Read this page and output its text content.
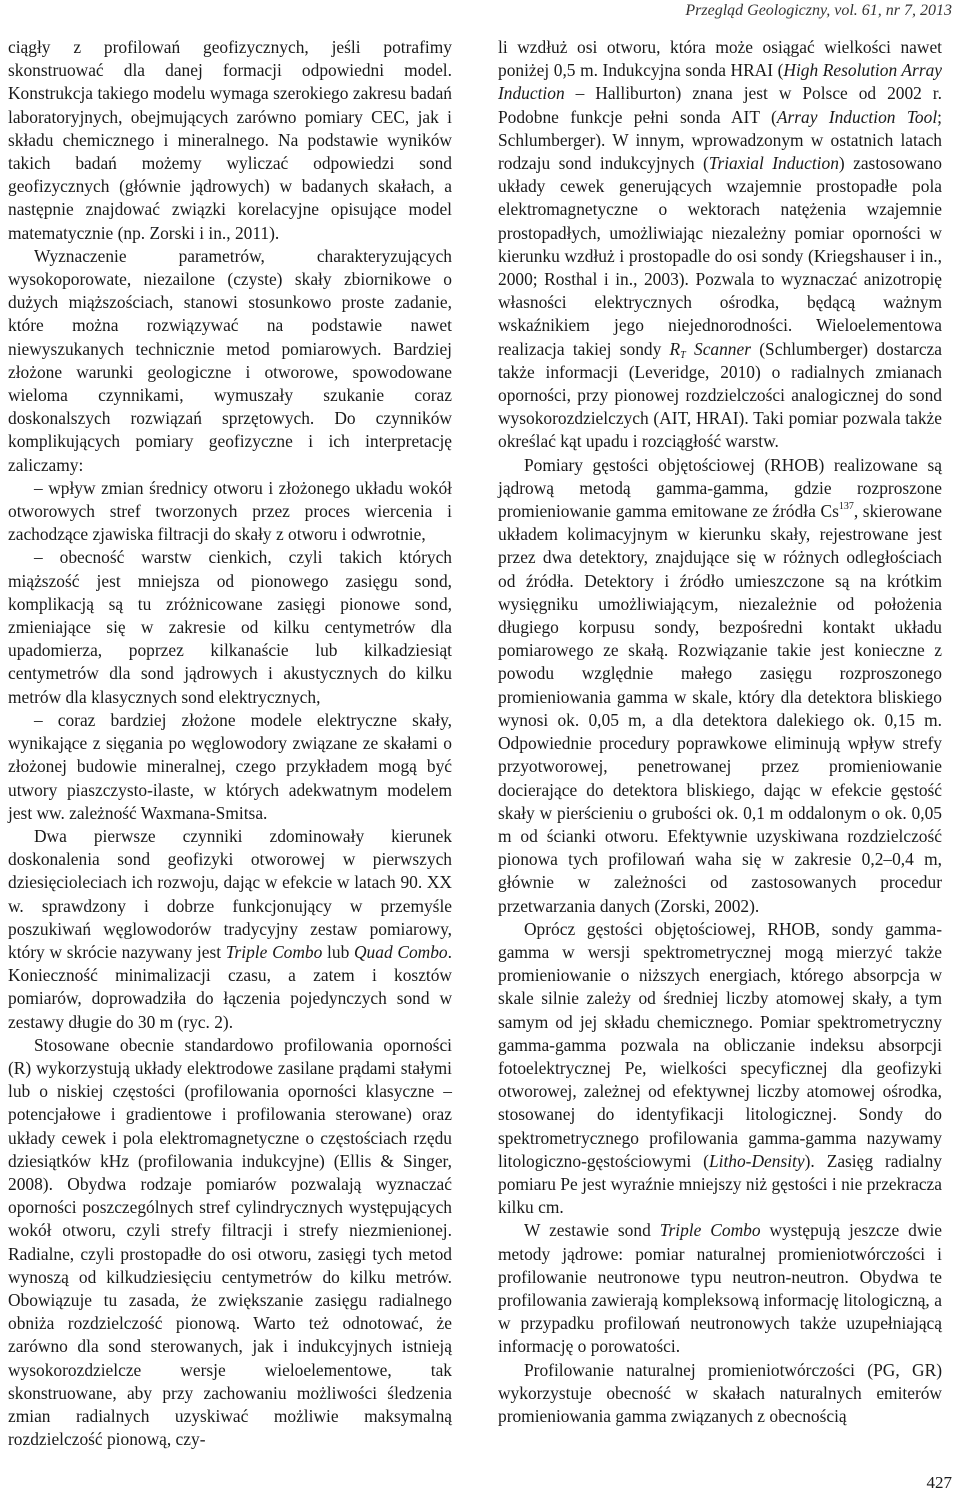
Przegląd Geologiczny, vol. 61, nr 7, 2013

ciągły z profilowań geofizycznych, jeśli potrafimy skonstruować dla danej formacji odpowiedni model. Konstrukcja takiego modelu wymaga szerokiego zakresu badań laboratoryjnych, obejmujących zarówno pomiary CEC, jak i składu chemicznego i mineralnego. Na podstawie wyników takich badań możemy wyliczać odpowiedzi sond geofizycznych (głównie jądrowych) w badanych skałach, a następnie znajdować związki korelacyjne opisujące model matematycznie (np. Zorski i in., 2011).

Wyznaczenie parametrów, charakteryzujących wysokoporowate, niezailone (czyste) skały zbiornikowe o dużych miąższościach, stanowi stosunkowo proste zadanie, które można rozwiązywać na podstawie nawet niewyszukanych technicznie metod pomiarowych. Bardziej złożone warunki geologiczne i otworowe, spowodowane wieloma czynnikami, wymuszały szukanie coraz doskonalszych rozwiązań sprzętowych. Do czynników komplikujących pomiary geofizyczne i ich interpretację zaliczamy:

– wpływ zmian średnicy otworu i złożonego układu wokół otworowych stref tworzonych przez proces wiercenia i zachodzące zjawiska filtracji do skały z otworu i odwrotnie,

– obecność warstw cienkich, czyli takich których miąższość jest mniejsza od pionowego zasięgu sond, komplikacją są tu zróżnicowane zasięgi pionowe sond, zmieniające się w zakresie od kilku centymetrów dla upadomierza, poprzez kilkanaście lub kilkadziesiąt centymetrów dla sond jądrowych i akustycznych do kilku metrów dla klasycznych sond elektrycznych,

– coraz bardziej złożone modele elektryczne skały, wynikające z sięgania po węglowodory związane ze skałami o złożonej budowie mineralnej, czego przykładem mogą być utwory piaszczysto-ilaste, w których adekwatnym modelem jest ww. zależność Waxmana-Smitsa.

Dwa pierwsze czynniki zdominowały kierunek doskonalenia sond geofizyki otworowej w pierwszych dziesięcioleciach ich rozwoju, dając w efekcie w latach 90. XX w. sprawdzony i dobrze funkcjonujący w przemyśle poszukiwań węglowodorów tradycyjny zestaw pomiarowy, który w skrócie nazywany jest Triple Combo lub Quad Combo. Konieczność minimalizacji czasu, a zatem i kosztów pomiarów, doprowadziła do łączenia pojedynczych sond w zestawy długie do 30 m (ryc. 2).

Stosowane obecnie standardowo profilowania oporności (R) wykorzystują układy elektrodowe zasilane prądami stałymi lub o niskiej częstości (profilowania oporności klasyczne – potencjałowe i gradientowe i profilowania sterowane) oraz układy cewek i pola elektromagnetyczne o częstościach rzędu dziesiątków kHz (profilowania indukcyjne) (Ellis & Singer, 2008). Obydwa rodzaje pomiarów pozwalają wyznaczać oporności poszczególnych stref cylindrycznych występujących wokół otworu, czyli strefy filtracji i strefy niezmienionej. Radialne, czyli prostopadłe do osi otworu, zasięgi tych metod wynoszą od kilkudziesięciu centymetrów do kilku metrów. Obowiązuje tu zasada, że zwiększanie zasięgu radialnego obniża rozdzielczość pionową. Warto też odnotować, że zarówno dla sond sterowanych, jak i indukcyjnych istnieją wysokorozdzielcze wersje wieloelementowe, tak skonstruowane, aby przy zachowaniu możliwości śledzenia zmian radialnych uzyskiwać możliwie maksymalną rozdzielczość pionową, czy-

li wzdłuż osi otworu, która może osiągać wielkości nawet poniżej 0,5 m. Indukcyjna sonda HRAI (High Resolution Array Induction – Halliburton) znana jest w Polsce od 2002 r. Podobne funkcje pełni sonda AIT (Array Induction Tool; Schlumberger). W innym, wprowadzonym w ostatnich latach rodzaju sond indukcyjnych (Triaxial Induction) zastosowano układy cewek generujących wzajemnie prostopadłe pola elektromagnetyczne o wektorach natężenia wzajemnie prostopadłych, umożliwiając niezależny pomiar oporności w kierunku wzdłuż i prostopadle do osi sondy (Kriegshauser i in., 2000; Rosthal i in., 2003). Pozwala to wyznaczać anizotropię własności elektrycznych ośrodka, będącą ważnym wskaźnikiem jego niejednorodności. Wieloelementowa realizacja takiej sondy $R_T$ Scanner (Schlumberger) dostarcza także informacji (Leveridge, 2010) o radialnych zmianach oporności, przy pionowej rozdzielczości analogicznej do sond wysokorozdzielczych (AIT, HRAI). Taki pomiar pozwala także określać kąt upadu i rozciągłość warstw.

Pomiary gęstości objętościowej (RHOB) realizowane są jądrową metodą gamma-gamma, gdzie rozproszone promieniowanie gamma emitowane ze źródła Cs$^{137}$, skierowane układem kolimacyjnym w kierunku skały, rejestrowane jest przez dwa detektory, znajdujące się w różnych odległościach od źródła. Detektory i źródło umieszczone są na krótkim wysięgniku umożliwiającym, niezależnie od położenia długiego korpusu sondy, bezpośredni kontakt układu pomiarowego ze skałą. Rozwiązanie takie jest konieczne z powodu względnie małego zasięgu rozproszonego promieniowania gamma w skale, który dla detektora bliskiego wynosi ok. 0,05 m, a dla detektora dalekiego ok. 0,15 m. Odpowiednie procedury poprawkowe eliminują wpływ strefy przyotworowej, penetrowanej przez promieniowanie docierające do detektora bliskiego, dając w efekcie gęstość skały w pierścieniu o grubości ok. 0,1 m oddalonym o ok. 0,05 m od ścianki otworu. Efektywnie uzyskiwana rozdzielczość pionowa tych profilowań waha się w zakresie 0,2–0,4 m, głównie w zależności od zastosowanych procedur przetwarzania danych (Zorski, 2002).

Oprócz gęstości objętościowej, RHOB, sondy gamma-gamma w wersji spektrometrycznej mogą mierzyć także promieniowanie o niższych energiach, którego absorpcja w skale silnie zależy od średniej liczby atomowej skały, a tym samym od jej składu chemicznego. Pomiar spektrometryczny gamma-gamma pozwala na obliczanie indeksu absorpcji fotoelektrycznej Pe, wielkości specyficznej dla geofizyki otworowej, zależnej od efektywnej liczby atomowej ośrodka, stosowanej do identyfikacji litologicznej. Sondy do spektrometrycznego profilowania gamma-gamma nazywamy litologiczno-gęstościowymi (Litho-Density). Zasięg radialny pomiaru Pe jest wyraźnie mniejszy niż gęstości i nie przekracza kilku cm.

W zestawie sond Triple Combo występują jeszcze dwie metody jądrowe: pomiar naturalnej promieniotwórczości i profilowanie neutronowe typu neutron-neutron. Obydwa te profilowania zawierają kompleksową informację litologiczną, a w przypadku profilowań neutronowych także uzupełniającą informację o porowatości.

Profilowanie naturalnej promieniotwórczości (PG, GR) wykorzystuje obecność w skałach naturalnych emiterów promieniowania gamma związanych z obecnością

427
